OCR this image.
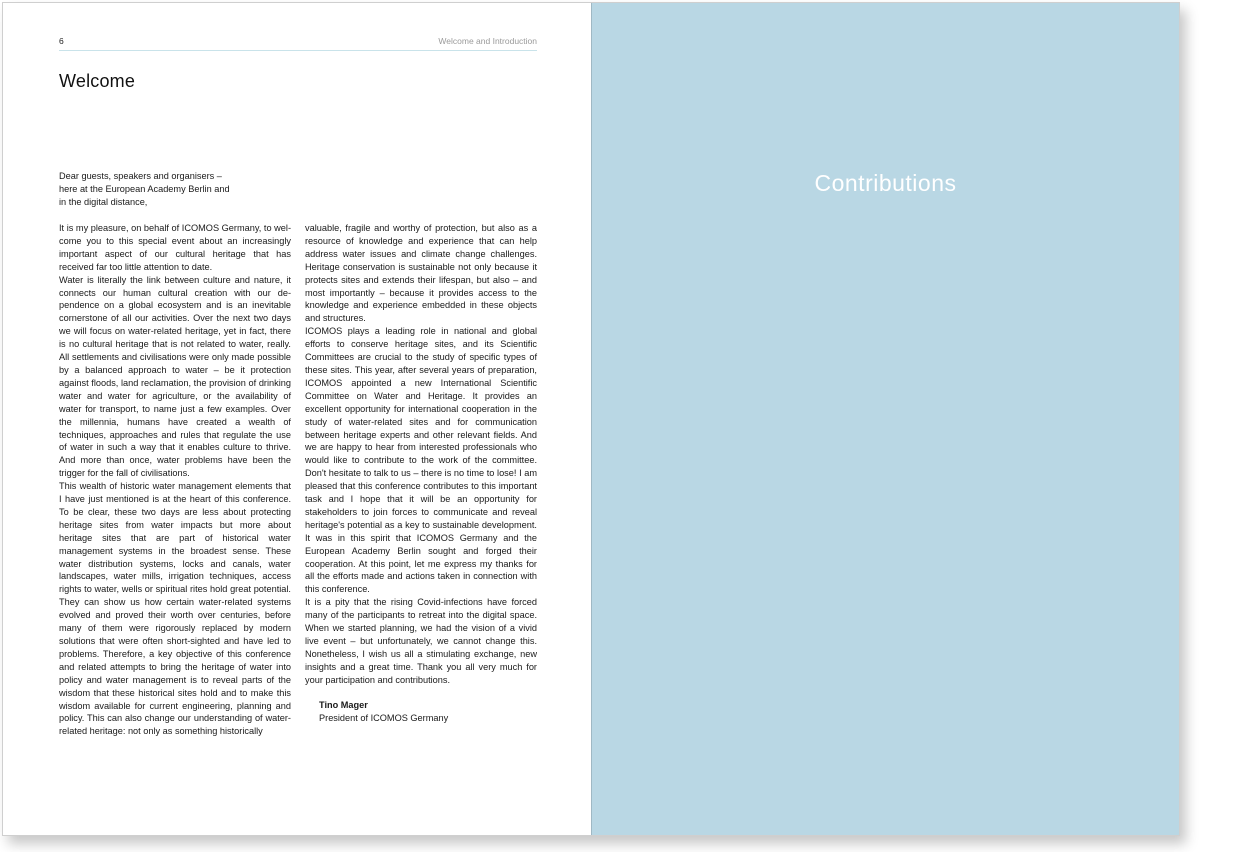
6	Welcome and Introduction
Welcome
Dear guests, speakers and organisers –
here at the European Academy Berlin and
in the digital distance,

It is my pleasure, on behalf of ICOMOS Germany, to welcome you to this special event about an increasingly important aspect of our cultural heritage that has received far too little attention to date.

Water is literally the link between culture and nature, it connects our human cultural creation with our dependence on a global ecosystem and is an inevitable cornerstone of all our activities. Over the next two days we will focus on water-related heritage, yet in fact, there is no cultural heritage that is not related to water, really. All settlements and civilisations were only made possible by a balanced approach to water – be it protection against floods, land reclamation, the provision of drinking water and water for agriculture, or the availability of water for transport, to name just a few examples. Over the millennia, humans have created a wealth of techniques, approaches and rules that regulate the use of water in such a way that it enables culture to thrive. And more than once, water problems have been the trigger for the fall of civilisations.

This wealth of historic water management elements that I have just mentioned is at the heart of this conference. To be clear, these two days are less about protecting heritage sites from water impacts but more about heritage sites that are part of historical water management systems in the broadest sense. These water distribution systems, locks and canals, water landscapes, water mills, irrigation techniques, access rights to water, wells or spiritual rites hold great potential. They can show us how certain water-related systems evolved and proved their worth over centuries, before many of them were rigorously replaced by modern solutions that were often short-sighted and have led to problems. Therefore, a key objective of this conference and related attempts to bring the heritage of water into policy and water management is to reveal parts of the wisdom that these historical sites hold and to make this wisdom available for current engineering, planning and policy. This can also change our understanding of water-related heritage: not only as something historically

valuable, fragile and worthy of protection, but also as a resource of knowledge and experience that can help address water issues and climate change challenges. Heritage conservation is sustainable not only because it protects sites and extends their lifespan, but also – and most importantly – because it provides access to the knowledge and experience embedded in these objects and structures.

ICOMOS plays a leading role in national and global efforts to conserve heritage sites, and its Scientific Committees are crucial to the study of specific types of these sites. This year, after several years of preparation, ICOMOS appointed a new International Scientific Committee on Water and Heritage. It provides an excellent opportunity for international cooperation in the study of water-related sites and for communication between heritage experts and other relevant fields. And we are happy to hear from interested professionals who would like to contribute to the work of the committee. Don't hesitate to talk to us – there is no time to lose! I am pleased that this conference contributes to this important task and I hope that it will be an opportunity for stakeholders to join forces to communicate and reveal heritage's potential as a key to sustainable development. It was in this spirit that ICOMOS Germany and the European Academy Berlin sought and forged their cooperation. At this point, let me express my thanks for all the efforts made and actions taken in connection with this conference.

It is a pity that the rising Covid-infections have forced many of the participants to retreat into the digital space. When we started planning, we had the vision of a vivid live event – but unfortunately, we cannot change this. Nonetheless, I wish us all a stimulating exchange, new insights and a great time. Thank you all very much for your participation and contributions.

Tino Mager
President of ICOMOS Germany
Contributions
